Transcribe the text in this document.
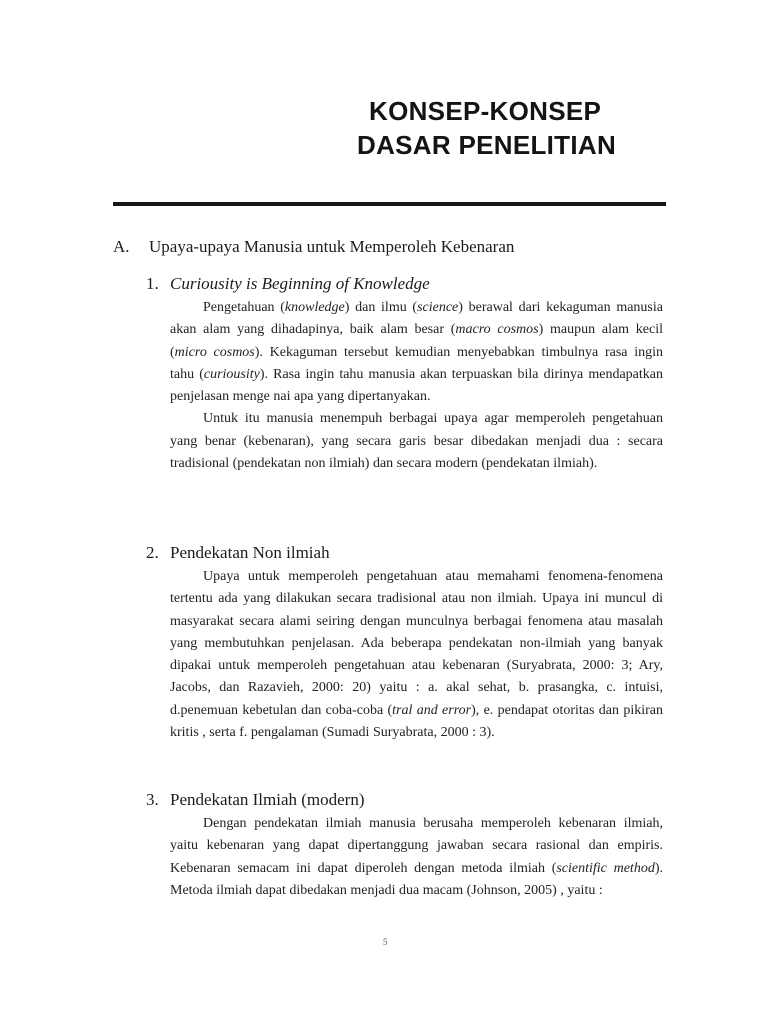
KONSEP-KONSEP
DASAR PENELITIAN
A. Upaya-upaya Manusia untuk Memperoleh Kebenaran
1. Curiousity is Beginning of Knowledge

Pengetahuan (knowledge) dan ilmu (science) berawal dari kekaguman manusia akan alam yang dihadapinya, baik alam besar (macro cosmos) maupun alam kecil (micro cosmos). Kekaguman tersebut kemudian menyebabkan timbulnya rasa ingin tahu (curiousity). Rasa ingin tahu manusia akan terpuaskan bila dirinya mendapatkan penjelasan menge nai apa yang dipertanyakan.

Untuk itu manusia menempuh berbagai upaya agar memperoleh pengetahuan yang benar (kebenaran), yang secara garis besar dibedakan menjadi dua : secara tradisional (pendekatan non ilmiah) dan secara modern (pendekatan ilmiah).

2. Pendekatan Non ilmiah

Upaya untuk memperoleh pengetahuan atau memahami fenomena-fenomena tertentu ada yang dilakukan secara tradisional atau non ilmiah. Upaya ini muncul di masyarakat secara alami seiring dengan munculnya berbagai fenomena atau masalah yang membutuhkan penjelasan. Ada beberapa pendekatan non-ilmiah yang banyak dipakai untuk memperoleh pengetahuan atau kebenaran (Suryabrata, 2000: 3; Ary, Jacobs, dan Razavieh, 2000: 20) yaitu : a. akal sehat, b. prasangka, c. intuisi, d.penemuan kebetulan dan coba-coba (tral and error), e. pendapat otoritas dan pikiran kritis , serta f. pengalaman (Sumadi Suryabrata, 2000 : 3).

3. Pendekatan Ilmiah (modern)

Dengan pendekatan ilmiah manusia berusaha memperoleh kebenaran ilmiah, yaitu kebenaran yang dapat dipertanggung jawaban secara rasional dan empiris. Kebenaran semacam ini dapat diperoleh dengan metoda ilmiah (scientific method). Metoda ilmiah dapat dibedakan menjadi dua macam (Johnson, 2005) , yaitu :

5
